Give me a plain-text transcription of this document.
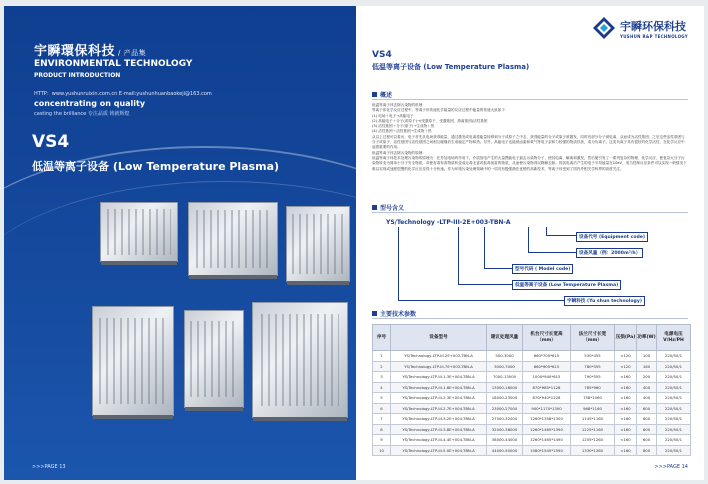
宇瞬環保科技 / 产品集
ENVIRONMENTAL TECHNOLOGY
PRODUCT INTRODUCTION
HTTP：www.yushunruixin.com.cn E-mail:yushunhuanbaokeji@163.com
concentrating on quality
casting the brilliance 专注品质 铸就辉煌
VS4
低温等离子设备 (Low Temperature Plasma)
>>>PAGE 13
宇瞬环保科技
YUSHUN R&P TECHNOLOGY
VS4
低温等离子设备 (Low Temperature Plasma)
概述
低温等离子体去除污染物的机理：
等离子体化学反应过程中，等离子体传递化学能量的反应过程中能量的传递大致如下：
(1) 电场＋电子→高能电子
(2) 高能电子＋分子(或原子)→(受激原子、受激基团、游离基团)活性基团
(3) 活性基团＋分子(原子)→生成物＋热
(4) 活性基团＋活性基团→生成物＋热
从以上过程可以看出，电子首先从电场获得能量，通过激发或电离将能量转移到分子或原子之中去，获得能量的分子或原子被激发，同时有部分分子被电离，从而成为活性基团；之后这些活性基团与分子或原子、活性基团与活性基团之间相互碰撞后生成稳定产物和热。另外，高能电子也能被卤素和氧气等电子亲和力较强的物质俘获，成为负离子。这类负离子具有很好的化学活性，在化学反应中起着重要的作用。
低温等离子体去除污染物的原理：
低温等离子体技术处理污染物的原理为：在外加电场的作用下，介质放电产生的大量携能电子轰击污染物分子，使其电离、解离和激发，然后便引发了一系列复杂的物理、化学反应，使复杂大分子污染物转变为简单小分子安全物质，或使有毒有害物质转变成无毒无害或低毒低害的物质，从而使污染物得以降解去除。因其电离后产生的电子平均能量在10eV，适当控制反应条件可以实现一般情况下难以实现或速度很慢的化学反应变得十分快速。作为环境污染处理领域中的一项具有极强潜在优势的高新技术，等离子体受到了国内外相关学科界的高度关注。
型号含义
YS/Technology -LTP-III-2E+003-TBN-A
设备代号 (Equipment code)
设备风量（例：2000m³/h）
型号代码 ( Model code)
低温等离子设备 (Low Temperature Plasma)
宇瞬科技 (Yu shun technology)
主要技术参数
序号	设备型号	建议处理风量	机台尺寸长宽高（mm）	法兰尺寸长宽（mm）	压损(Pa)	功率(W)	电源电压V/Hz/PH
1	YS/Technology-LTP-III-2E+003-TBN-A	500-3000	660*700*615	530*455	<120	100	220/50/1
2	YS/Technology-LTP-III-7E+003-TBN-A	3000-7000	660*905*615	780*555	<120	160	220/50/1
3	YS/Technology-LTP-III-1.3E+004-TBN-A	7000-13000	1000*940*615	790*555	<160	200	220/50/1
4	YS/Technology-LTP-III-1.8E+004-TBN-A	13000-18000	870*985*1128	785*960	<160	400	220/50/1
5	YS/Technology-LTP-III-2.3E+004-TBN-A	18000-23000	870*940*1228	758*1060	<160	400	220/50/1
6	YS/Technology-LTP-III-2.7E+004-TBN-A	23000-27000	900*1170*1300	968*1160	<160	600	220/50/1
7	YS/Technology-LTP-III-3.2E+004-TBN-A	27000-32000	1260*1358*1300	1145*1160	<160	600	220/50/1
8	YS/Technology-LTP-III-3.8E+004-TBN-A	32000-38000	1260*1465*1390	1225*1160	<160	600	220/50/1
9	YS/Technology-LTP-III-4.4E+004-TBN-A	38000-44000	1260*1465*1490	1255*1260	<160	600	220/50/1
10	YS/Technology-LTP-III-5.0E+004-TBN-A	44000-50000	1580*1545*1590	1330*1260	<160	800	220/50/1
>>>PAGE 14
